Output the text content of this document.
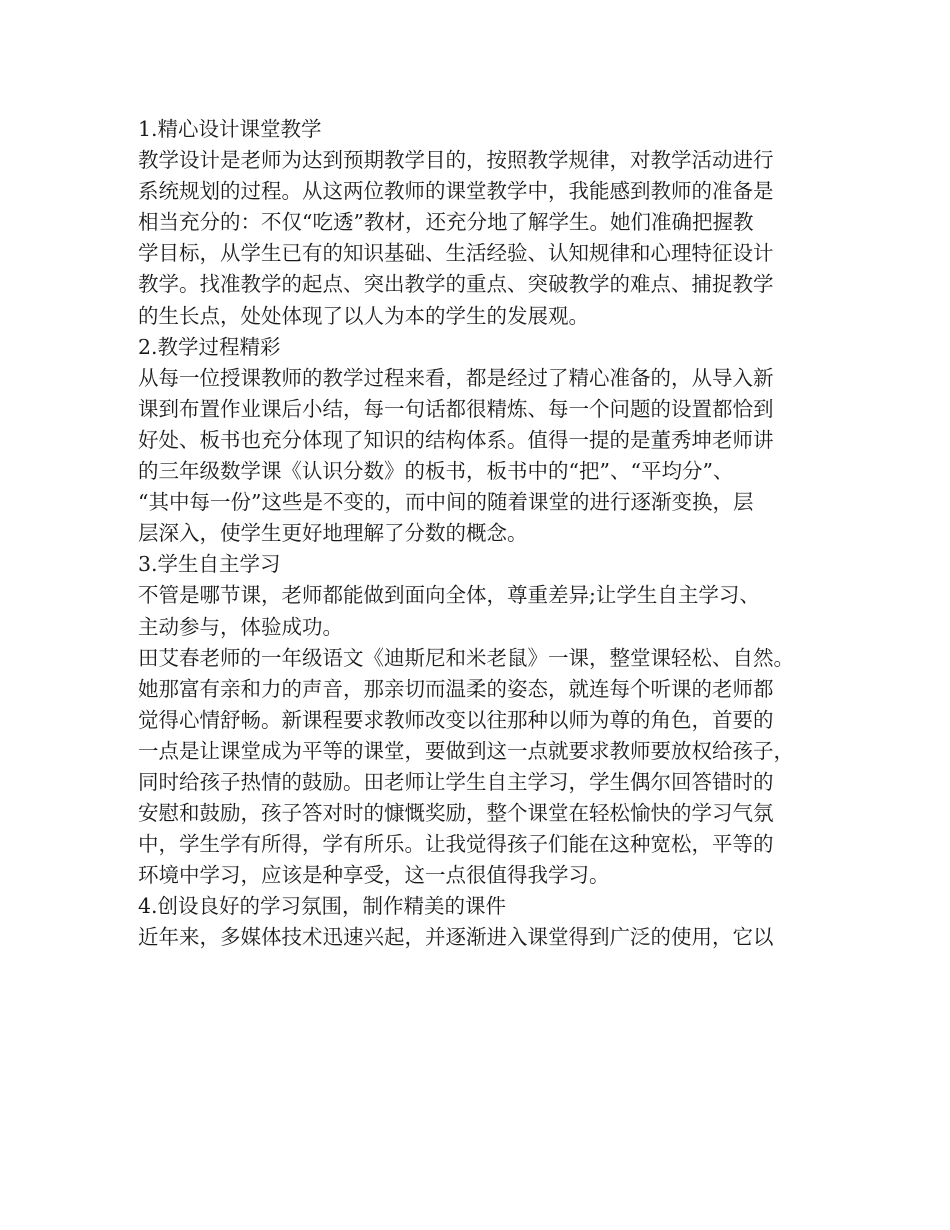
1.精心设计课堂教学
教学设计是老师为达到预期教学目的，按照教学规律，对教学活动进行
系统规划的过程。从这两位教师的课堂教学中，我能感到教师的准备是
相当充分的：不仅“吃透”教材，还充分地了解学生。她们准确把握教
学目标，从学生已有的知识基础、生活经验、认知规律和心理特征设计
教学。找准教学的起点、突出教学的重点、突破教学的难点、捕捉教学
的生长点，处处体现了以人为本的学生的发展观。
2.教学过程精彩
从每一位授课教师的教学过程来看，都是经过了精心准备的，从导入新
课到布置作业课后小结，每一句话都很精炼、每一个问题的设置都恰到
好处、板书也充分体现了知识的结构体系。值得一提的是董秀坤老师讲
的三年级数学课《认识分数》的板书，板书中的“把”、“平均分”、
“其中每一份”这些是不变的，而中间的随着课堂的进行逐渐变换，层
层深入，使学生更好地理解了分数的概念。
3.学生自主学习
不管是哪节课，老师都能做到面向全体，尊重差异;让学生自主学习、
主动参与，体验成功。
田艾春老师的一年级语文《迪斯尼和米老鼠》一课，整堂课轻松、自然。
她那富有亲和力的声音，那亲切而温柔的姿态，就连每个听课的老师都
觉得心情舒畅。新课程要求教师改变以往那种以师为尊的角色，首要的
一点是让课堂成为平等的课堂，要做到这一点就要求教师要放权给孩子，
同时给孩子热情的鼓励。田老师让学生自主学习，学生偶尔回答错时的
安慰和鼓励，孩子答对时的慷慨奖励，整个课堂在轻松愉快的学习气氛
中，学生学有所得，学有所乐。让我觉得孩子们能在这种宽松，平等的
环境中学习，应该是种享受，这一点很值得我学习。
4.创设良好的学习氛围，制作精美的课件
近年来，多媒体技术迅速兴起，并逐渐进入课堂得到广泛的使用，它以
